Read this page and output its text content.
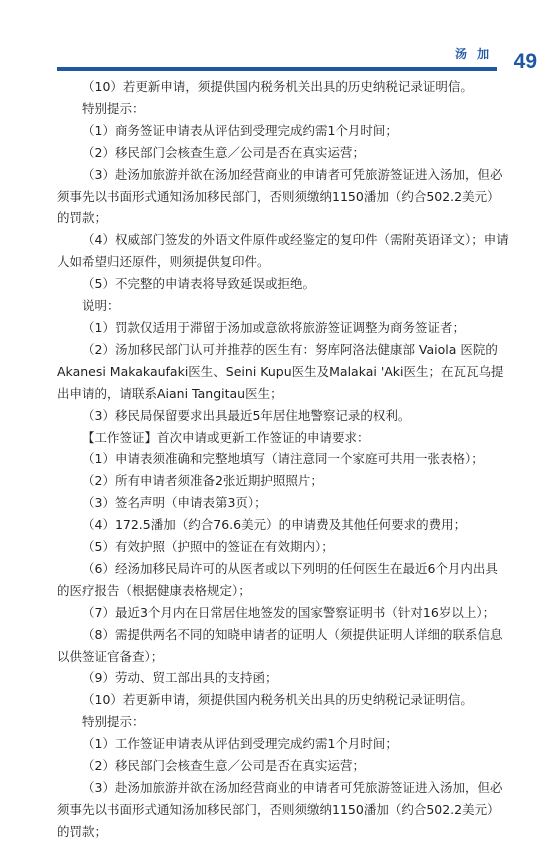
汤 加 49

（10）若更新申请，须提供国内税务机关出具的历史纳税记录证明信。

特别提示：

（1）商务签证申请表从评估到受理完成约需1个月时间；

（2）移民部门会核查生意／公司是否在真实运营；

（3）赴汤加旅游并欲在汤加经营商业的申请者可凭旅游签证进入汤加，但必须事先以书面形式通知汤加移民部门，否则须缴纳1150潘加（约合502.2美元）的罚款；

（4）权威部门签发的外语文件原件或经鉴定的复印件（需附英语译文）；申请人如希望归还原件，则须提供复印件。

（5）不完整的申请表将导致延误或拒绝。

说明：

（1）罚款仅适用于滞留于汤加或意欲将旅游签证调整为商务签证者；

（2）汤加移民部门认可并推荐的医生有：努库阿洛法健康部 Vaiola 医院的Akanesi Makakaufaki医生、Seini Kupu医生及Malakai 'Aki医生；在瓦瓦乌提出申请的，请联系Aiani Tangitau医生；

（3）移民局保留要求出具最近5年居住地警察记录的权利。

【工作签证】首次申请或更新工作签证的申请要求：

（1）申请表须准确和完整地填写（请注意同一个家庭可共用一张表格）；

（2）所有申请者须准备2张近期护照照片；

（3）签名声明（申请表第3页）；

（4）172.5潘加（约合76.6美元）的申请费及其他任何要求的费用；

（5）有效护照（护照中的签证在有效期内）；

（6）经汤加移民局许可的从医者或以下列明的任何医生在最近6个月内出具的医疗报告（根据健康表格规定）；

（7）最近3个月内在日常居住地签发的国家警察证明书（针对16岁以上）；

（8）需提供两名不同的知晓申请者的证明人（须提供证明人详细的联系信息以供签证官备查）；

（9）劳动、贸工部出具的支持函；

（10）若更新申请，须提供国内税务机关出具的历史纳税记录证明信。

特别提示：

（1）工作签证申请表从评估到受理完成约需1个月时间；

（2）移民部门会核查生意／公司是否在真实运营；

（3）赴汤加旅游并欲在汤加经营商业的申请者可凭旅游签证进入汤加，但必须事先以书面形式通知汤加移民部门，否则须缴纳1150潘加（约合502.2美元）的罚款；
